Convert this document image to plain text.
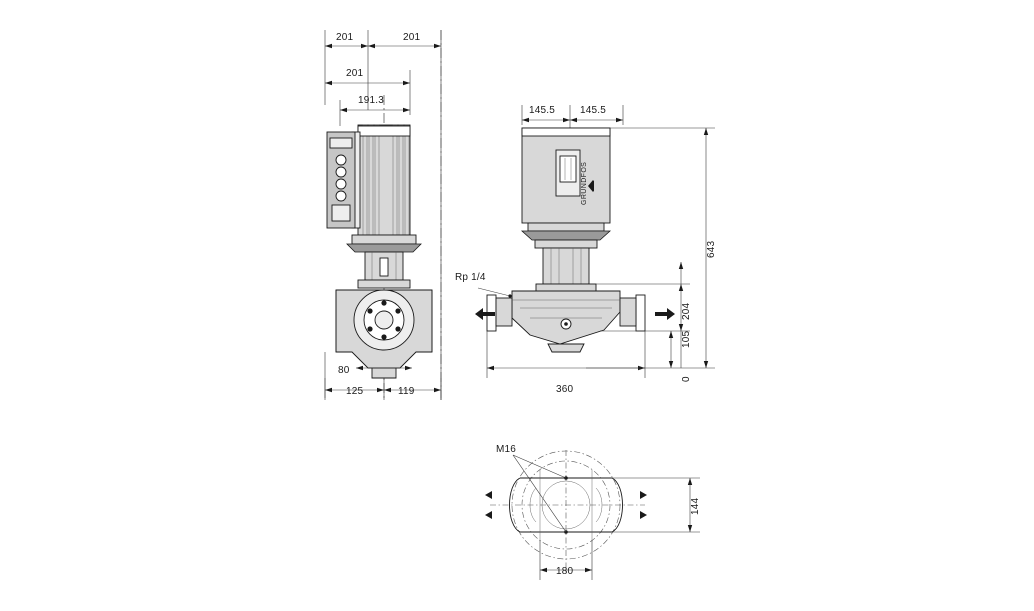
GRUNDFOS
201	201
201
191.3
80
125	119
145.5 145.5
Rp 1/4
360
643
204
105
0
M16
144
180
